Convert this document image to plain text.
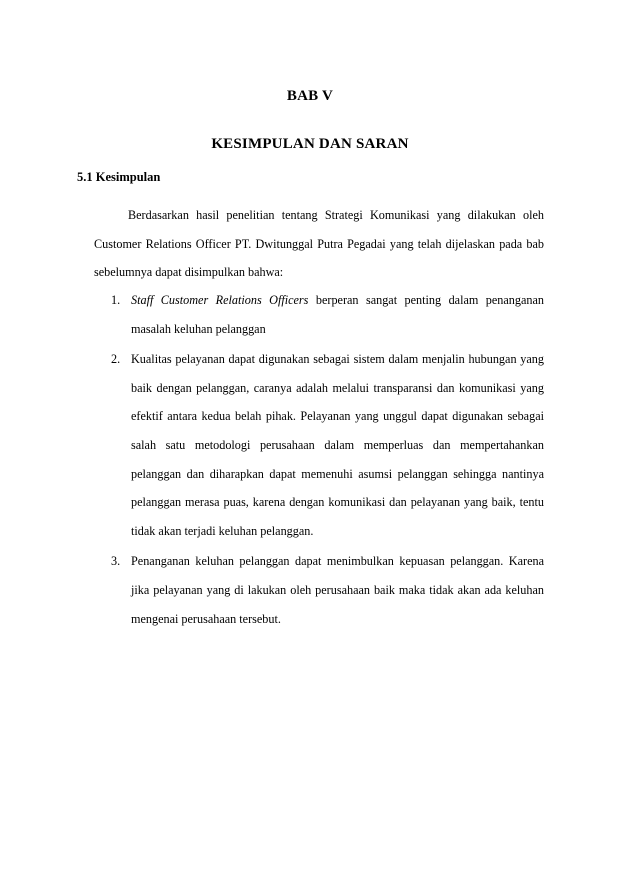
BAB V
KESIMPULAN DAN SARAN
5.1 Kesimpulan

Berdasarkan hasil penelitian tentang Strategi Komunikasi yang dilakukan oleh Customer Relations Officer PT. Dwitunggal Putra Pegadai yang telah dijelaskan pada bab sebelumnya dapat disimpulkan bahwa:

1. Staff Customer Relations Officers berperan sangat penting dalam penanganan masalah keluhan pelanggan
2. Kualitas pelayanan dapat digunakan sebagai sistem dalam menjalin hubungan yang baik dengan pelanggan, caranya adalah melalui transparansi dan komunikasi yang efektif antara kedua belah pihak. Pelayanan yang unggul dapat digunakan sebagai salah satu metodologi perusahaan dalam memperluas dan mempertahankan pelanggan dan diharapkan dapat memenuhi asumsi pelanggan sehingga nantinya pelanggan merasa puas, karena dengan komunikasi dan pelayanan yang baik, tentu tidak akan terjadi keluhan pelanggan.
3. Penanganan keluhan pelanggan dapat menimbulkan kepuasan pelanggan. Karena jika pelayanan yang di lakukan oleh perusahaan baik maka tidak akan ada keluhan mengenai perusahaan tersebut.
